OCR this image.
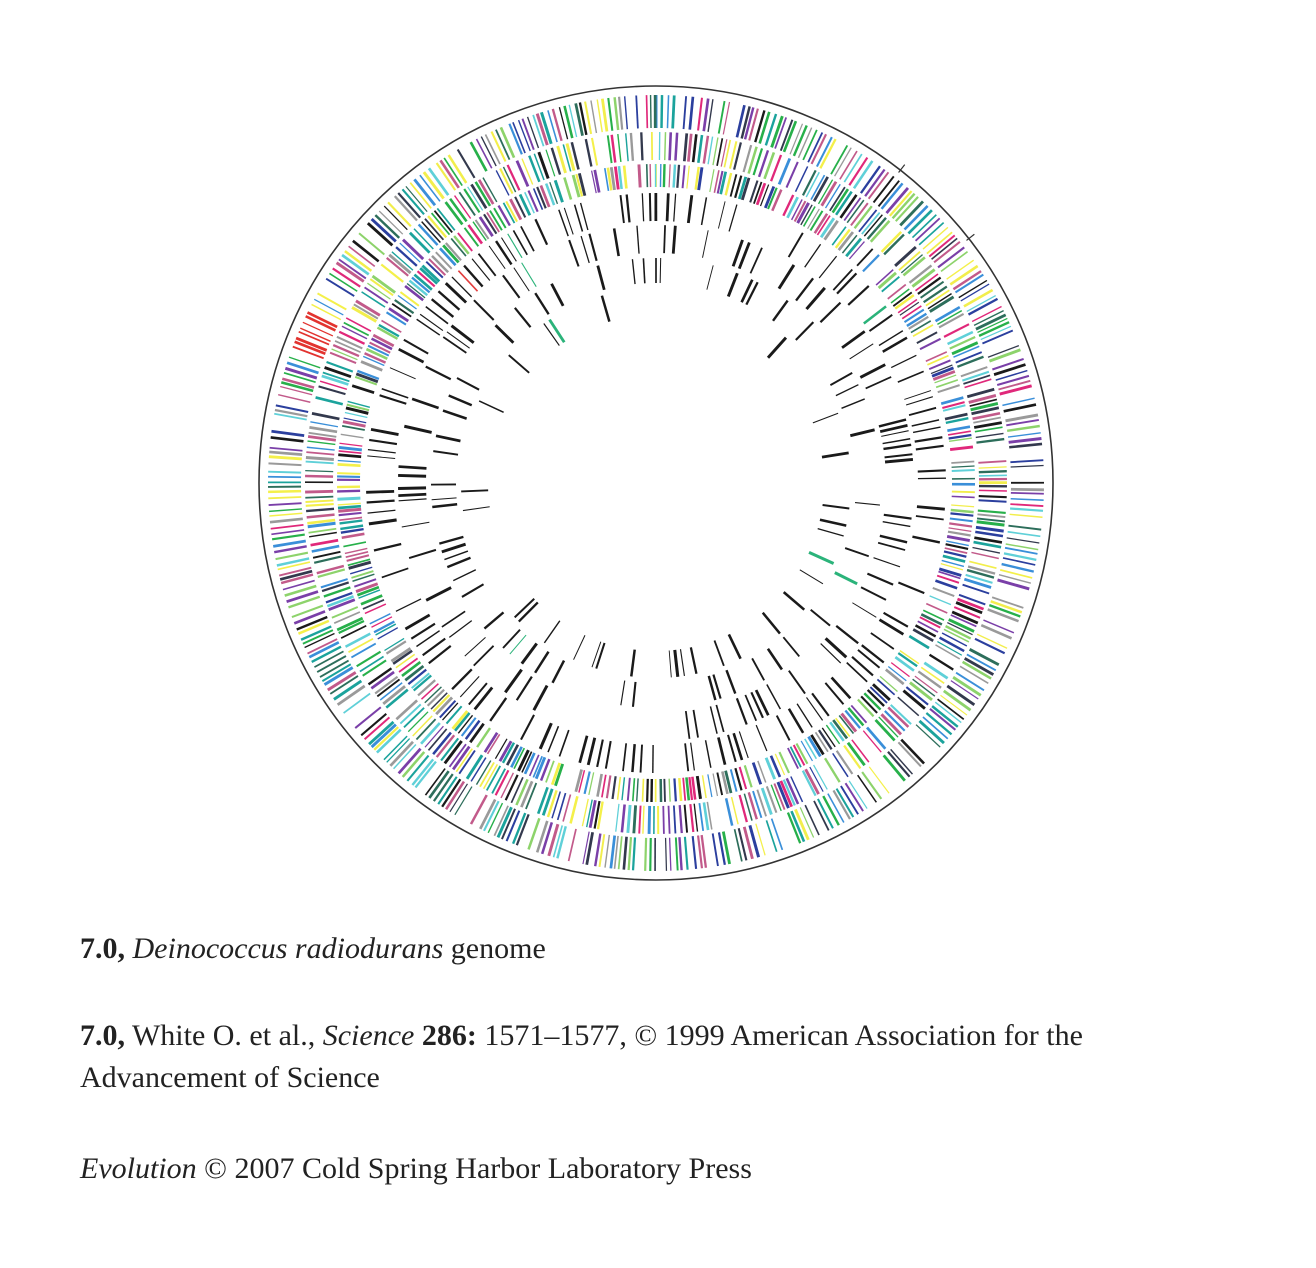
7.0, Deinococcus radiodurans genome
7.0, White O. et al., Science 286: 1571–1577, © 1999 American Association for the
Advancement of Science
Evolution © 2007 Cold Spring Harbor Laboratory Press
